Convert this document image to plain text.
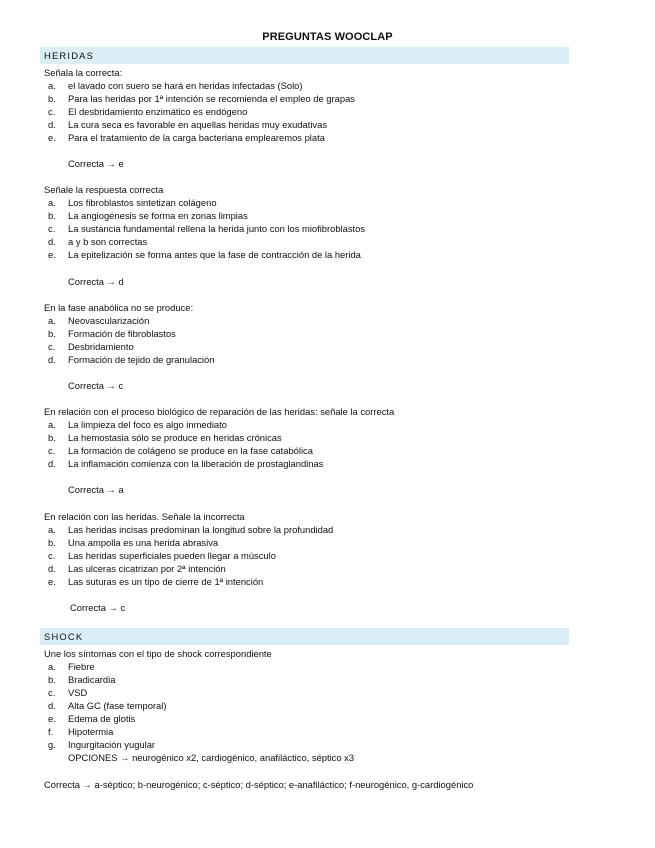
PREGUNTAS WOOCLAP
HERIDAS
Señala la correcta:
a. el lavado con suero se hará en heridas infectadas (Solo)
b. Para las heridas por 1ª intención se recomienda el empleo de grapas
c. El desbridamiento enzimático es endógeno
d. La cura seca es favorable en aquellas heridas muy exudativas
e. Para el tratamiento de la carga bacteriana emplearemos plata
Correcta → e
Señale la respuesta correcta
a. Los fibroblastos sintetizan colágeno
b. La angiogénesis se forma en zonas limpias
c. La sustancia fundamental rellena la herida junto con los miofibroblastos
d. a y b son correctas
e. La epitelización se forma antes que la fase de contracción de la herida
Correcta → d
En la fase anabólica no se produce:
a. Neovascularización
b. Formación de fibroblastos
c. Desbridamiento
d. Formación de tejido de granulación
Correcta → c
En relación con el proceso biológico de reparación de las heridas: señale la correcta
a. La limpieza del foco es algo inmediato
b. La hemostasia sólo se produce en heridas crónicas
c. La formación de colágeno se produce en la fase catabólica
d. La inflamación comienza con la liberación de prostaglandinas
Correcta → a
En relación con las heridas. Señale la incorrecta
a. Las heridas incisas predominan la longitud sobre la profundidad
b. Una ampolla es una herida abrasiva
c. Las heridas superficiales pueden llegar a músculo
d. Las ulceras cicatrizan por 2ª intención
e. Las suturas es un tipo de cierre de 1ª intención
Correcta → c
SHOCK
Une los síntomas con el tipo de shock correspondiente
a. Fiebre
b. Bradicardia
c. VSD
d. Alta GC (fase temporal)
e. Edema de glotis
f. Hipotermia
g. Ingurgitación yugular
OPCIONES → neurogénico x2, cardiogénico, anafiláctico, séptico x3
Correcta → a-séptico; b-neurogénico; c-séptico; d-séptico; e-anafiláctico; f-neurogénico, g-cardiogénico
